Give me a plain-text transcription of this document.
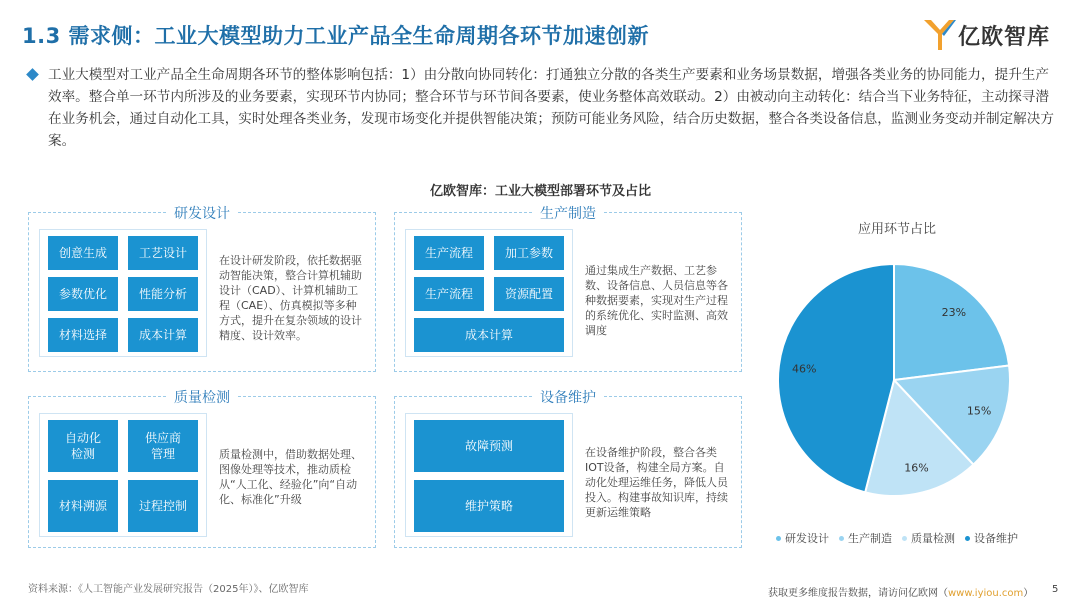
1.3 需求侧：工业大模型助力工业产品全生命周期各环节加速创新	亿欧智库
工业大模型对工业产品全生命周期各环节的整体影响包括：1）由分散向协同转化：打通独立分散的各类生产要素和业务场景数据，增强各类业务的协同能力，提升生产效率。整合单一环节内所涉及的业务要素，实现环节内协同；整合环节与环节间各要素，使业务整体高效联动。2）由被动向主动转化：结合当下业务特征，主动探寻潜在业务机会，通过自动化工具，实时处理各类业务，发现市场变化并提供智能决策；预防可能业务风险，结合历史数据，整合各类设备信息，监测业务变动并制定解决方案。
亿欧智库：工业大模型部署环节及占比
研发设计
创意生成	工艺设计
参数优化	性能分析
材料选择	成本计算
在设计研发阶段，依托数据驱动智能决策，整合计算机辅助设计（CAD）、计算机辅助工程（CAE）、仿真模拟等多种方式，提升在复杂领域的设计精度、设计效率。
生产制造
生产流程	加工参数
生产流程	资源配置
成本计算
通过集成生产数据、工艺参数、设备信息、人员信息等各种数据要素，实现对生产过程的系统优化、实时监测、高效调度
质量检测
自动化检测
供应商管理
材料溯源	过程控制
质量检测中，借助数据处理、图像处理等技术，推动质检从“人工化、经验化”向“自动化、标准化”升级
设备维护
故障预测
维护策略
在设备维护阶段，整合各类IOT设备，构建全局方案。自动化处理运维任务，降低人员投入。构建事故知识库，持续更新运维策略
应用环节占比
23%
15%
16%
46%
研发设计 生产制造 质量检测 设备维护
资料来源：《人工智能产业发展研究报告（2025年）》、亿欧智库	获取更多维度报告数据，请访问亿欧网（www.iyiou.com） 5
